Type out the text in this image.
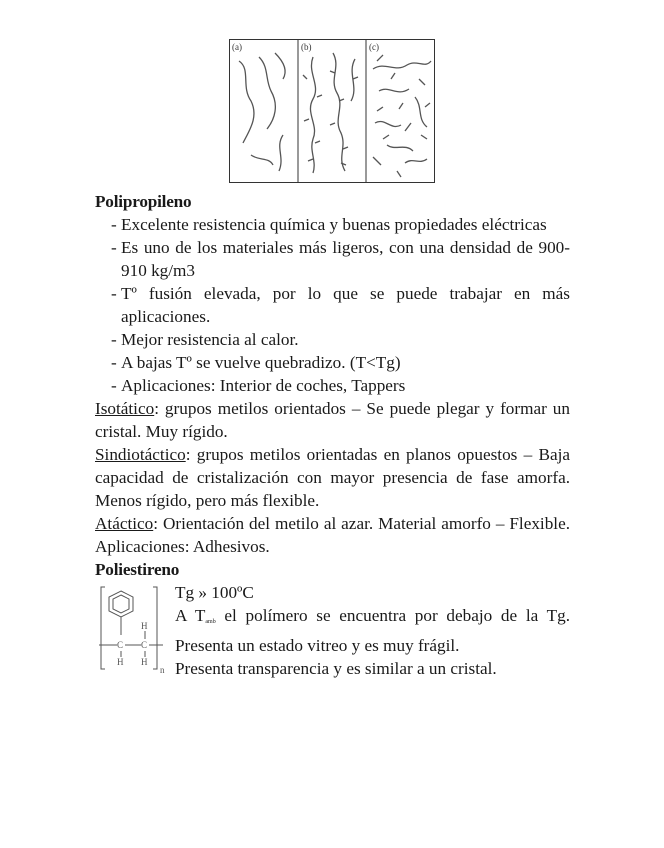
(a)	(b)	(c)
Polipropileno
- Excelente resistencia química y buenas propiedades eléctricas
- Es uno de los materiales más ligeros, con una densidad de 900-910 kg/m3
- Tº fusión elevada, por lo que se puede trabajar en más aplicaciones.
- Mejor resistencia al calor.
- A bajas Tº se vuelve quebradizo. (T<Tg)
- Aplicaciones: Interior de coches, Tappers
Isotático: grupos metilos orientados – Se puede plegar y formar un cristal. Muy rígido.
Sindiotáctico: grupos metilos orientadas en planos opuestos – Baja capacidad de cristalización con mayor presencia de fase amorfa. Menos rígido, pero más flexible.
Atáctico: Orientación del metilo al azar. Material amorfo – Flexible. Aplicaciones: Adhesivos.
Poliestireno
H
C C
H H
n
Tg » 100ºC
A $T_{amb}$ el polímero se encuentra por debajo de la Tg. Presenta un estado vitreo y es muy frágil.
Presenta transparencia y es similar a un cristal.
